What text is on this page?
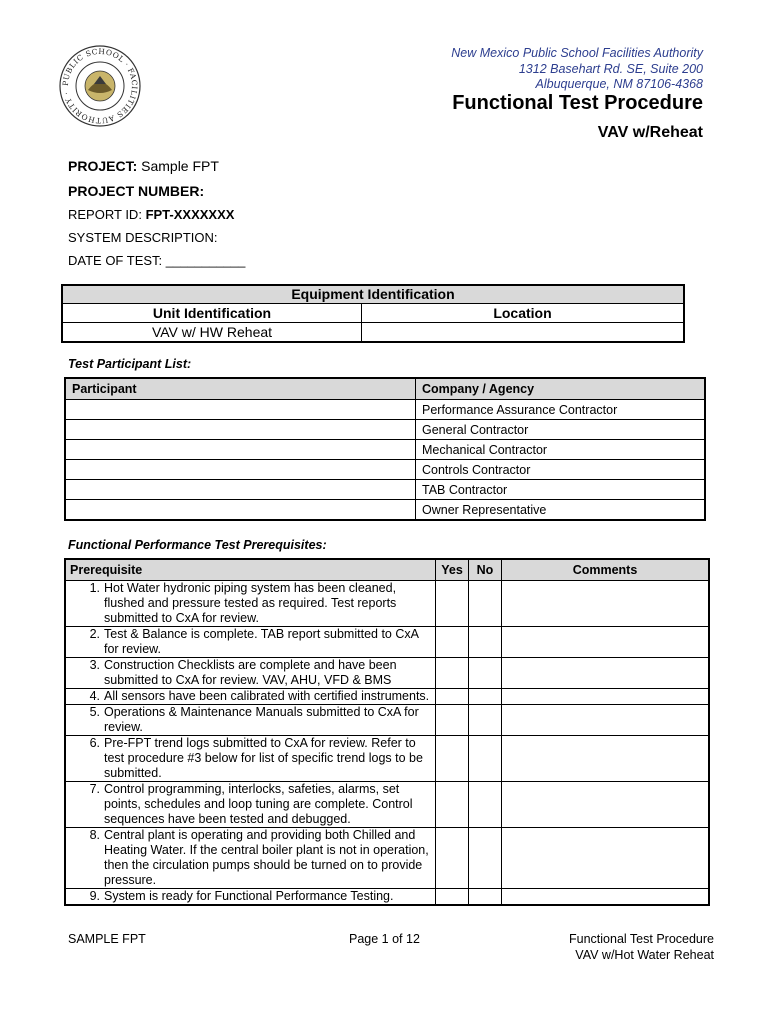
PUBLIC SCHOOL · FACILITIES AUTHORITY ·
New Mexico Public School Facilities Authority
1312 Basehart Rd. SE, Suite 200
Albuquerque, NM 87106-4368
Functional Test Procedure
VAV w/Reheat
PROJECT: Sample FPT
PROJECT NUMBER:
REPORT ID: FPT-XXXXXXX
SYSTEM DESCRIPTION:
DATE OF TEST: ___________
Equipment Identification
Unit Identification	Location
VAV w/ HW Reheat
Test Participant List:
Participant	Company / Agency
	Performance Assurance Contractor
	General Contractor
	Mechanical Contractor
	Controls Contractor
	TAB Contractor
	Owner Representative
Functional Performance Test Prerequisites:
Prerequisite	Yes	No	Comments

1. Hot Water hydronic piping system has been cleaned, flushed and pressure tested as required. Test reports submitted to CxA for review.			

2. Test & Balance is complete. TAB report submitted to CxA for review.			

3. Construction Checklists are complete and have been submitted to CxA for review. VAV, AHU, VFD & BMS			

4. All sensors have been calibrated with certified instruments.			

5. Operations & Maintenance Manuals submitted to CxA for review.			

6. Pre-FPT trend logs submitted to CxA for review. Refer to test procedure #3 below for list of specific trend logs to be submitted.			

7. Control programming, interlocks, safeties, alarms, set points, schedules and loop tuning are complete. Control sequences have been tested and debugged.			

8. Central plant is operating and providing both Chilled and Heating Water. If the central boiler plant is not in operation, then the circulation pumps should be turned on to provide pressure.			

9. System is ready for Functional Performance Testing.			

SAMPLE FPT	Page 1 of 12	Functional Test Procedure
VAV w/Hot Water Reheat
